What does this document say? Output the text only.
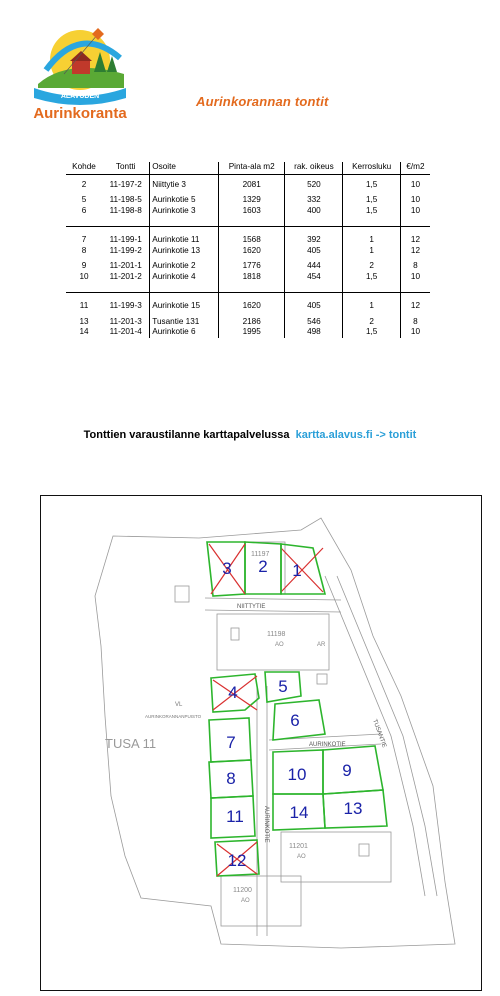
ALAVUDEN
Aurinkoranta
Aurinkorannan tontit
Kohde	Tontti	Osoite	Pinta-ala m2	rak. oikeus	Kerrosluku	€/m2

2	11-197-2	Niittytie 3	2081	520	1,5	10

5	11-198-5	Aurinkotie 5	1329	332	1,5	10
6	11-198-8	Aurinkotie 3	1603	400	1,5	10

7	11-199-1	Aurinkotie 11	1568	392	1	12
8	11-199-2	Aurinkotie 13	1620	405	1	12

9	11-201-1	Aurinkotie 2	1776	444	2	8
10	11-201-2	Aurinkotie 4	1818	454	1,5	10

11	11-199-3	Aurinkotie 15	1620	405	1	12

13	11-201-3	Tusantie 131	2186	546	2	8
14	11-201-4	Aurinkotie 6	1995	498	1,5	10
Tonttien varaustilanne karttapalvelussa kartta.alavus.fi -> tontit
VL
AURINKORANNANPUISTO
TUSA 11
NIITTYTIE
AURINKOTIE
AURINKOTIE
TUSANTIE
11197
11198
AO	AR
11201
AO
11200
AO
1
2
3
4 5
6
7
8	9
10
11
12
13
14
